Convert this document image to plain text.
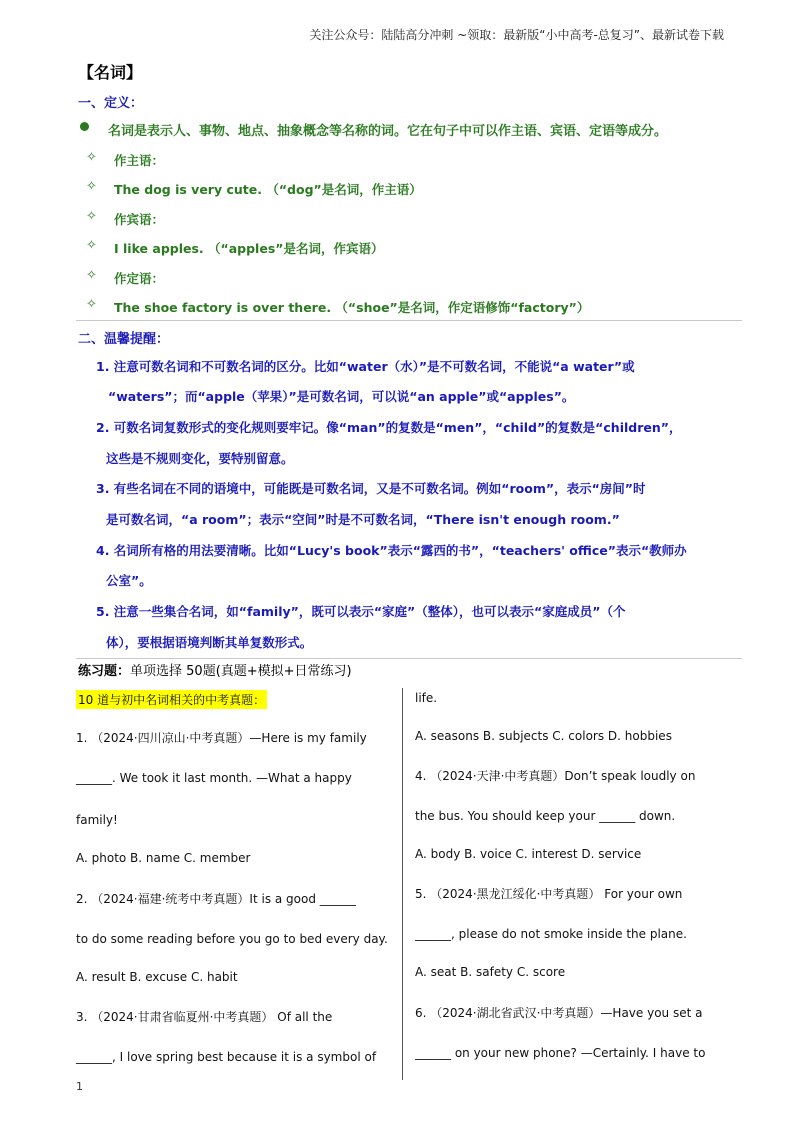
关注公众号：陆陆高分冲刺 ~领取：最新版“小中高考-总复习”、最新试卷下载
【名词】
一、定义：
名词是表示人、事物、地点、抽象概念等名称的词。它在句子中可以作主语、宾语、定语等成分。
✧ 作主语：
✧ The dog is very cute. （“dog”是名词，作主语）
✧ 作宾语：
✧ I like apples. （“apples”是名词，作宾语）
✧ 作定语：
✧ The shoe factory is over there. （“shoe”是名词，作定语修饰“factory”）
二、温馨提醒：
1. 注意可数名词和不可数名词的区分。比如“water（水）”是不可数名词，不能说“a water”或
“waters”；而“apple（苹果）”是可数名词，可以说“an apple”或“apples”。
2. 可数名词复数形式的变化规则要牢记。像“man”的复数是“men”，“child”的复数是“children”，
这些是不规则变化，要特别留意。
3. 有些名词在不同的语境中，可能既是可数名词，又是不可数名词。例如“room”，表示“房间”时
是可数名词，“a room”；表示“空间”时是不可数名词，“There isn't enough room.”
4. 名词所有格的用法要清晰。比如“Lucy's book”表示“露西的书”，“teachers' office”表示“教师办
公室”。
5. 注意一些集合名词，如“family”，既可以表示“家庭”（整体），也可以表示“家庭成员”（个
体），要根据语境判断其单复数形式。
练习题：单项选择 50题(真题+模拟+日常练习)
10 道与初中名词相关的中考真题：
1. （2024·四川凉山·中考真题）—Here is my family
______. We took it last month. —What a happy
family!
A. photo B. name C. member
2. （2024·福建·统考中考真题）It is a good ______
to do some reading before you go to bed every day.
A. result B. excuse C. habit
3. （2024·甘肃省临夏州·中考真题） Of all the
______, I love spring best because it is a symbol of
life.
A. seasons B. subjects C. colors D. hobbies
4. （2024·天津·中考真题）Don’t speak loudly on
the bus. You should keep your ______ down.
A. body B. voice C. interest D. service
5. （2024·黑龙江绥化·中考真题） For your own
______, please do not smoke inside the plane.
A. seat B. safety C. score
6. （2024·湖北省武汉·中考真题）—Have you set a
______ on your new phone? —Certainly. I have to
1
